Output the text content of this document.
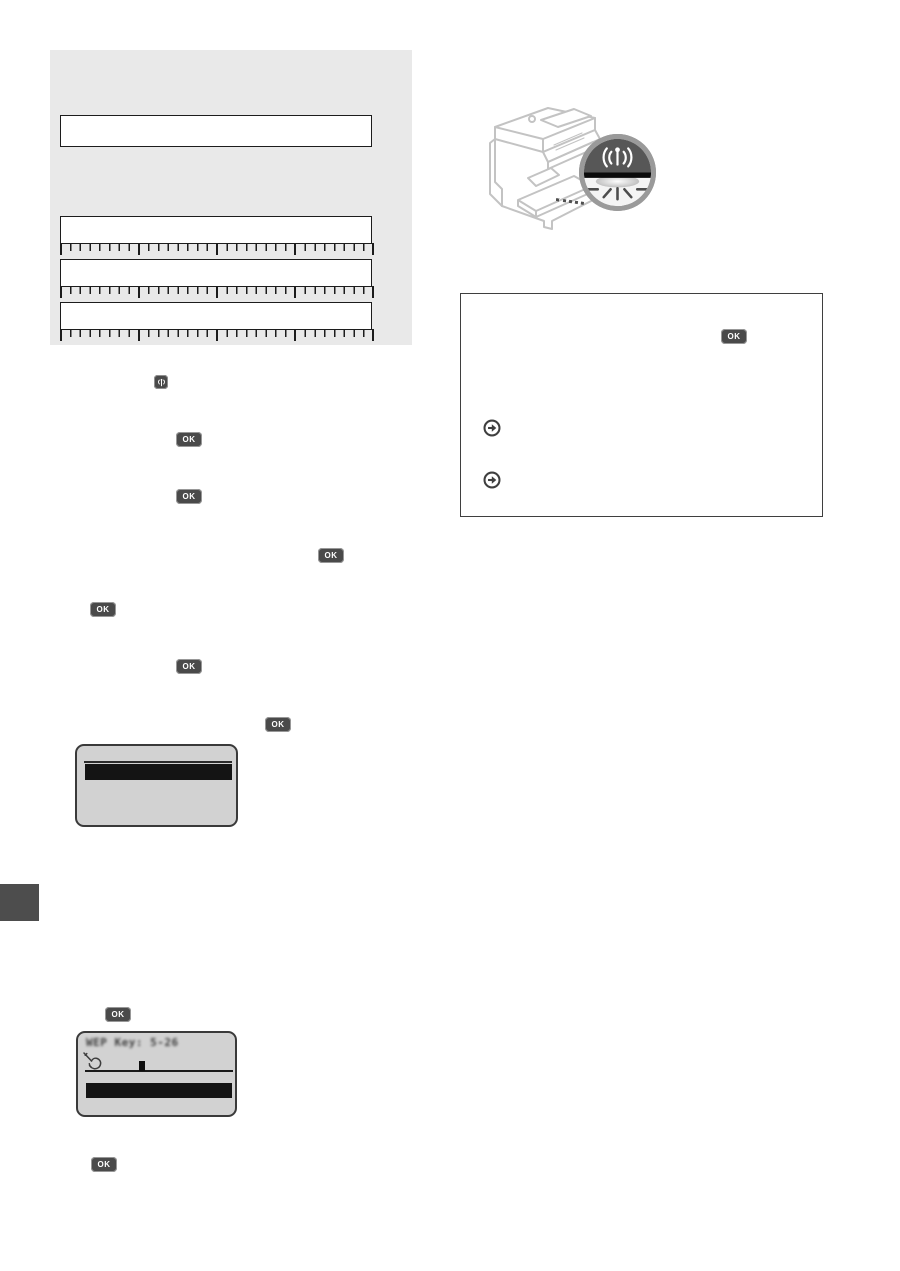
OK
OK
OK
OK
OK
OK
OK
OK
WEP Key: 5-26
OK
